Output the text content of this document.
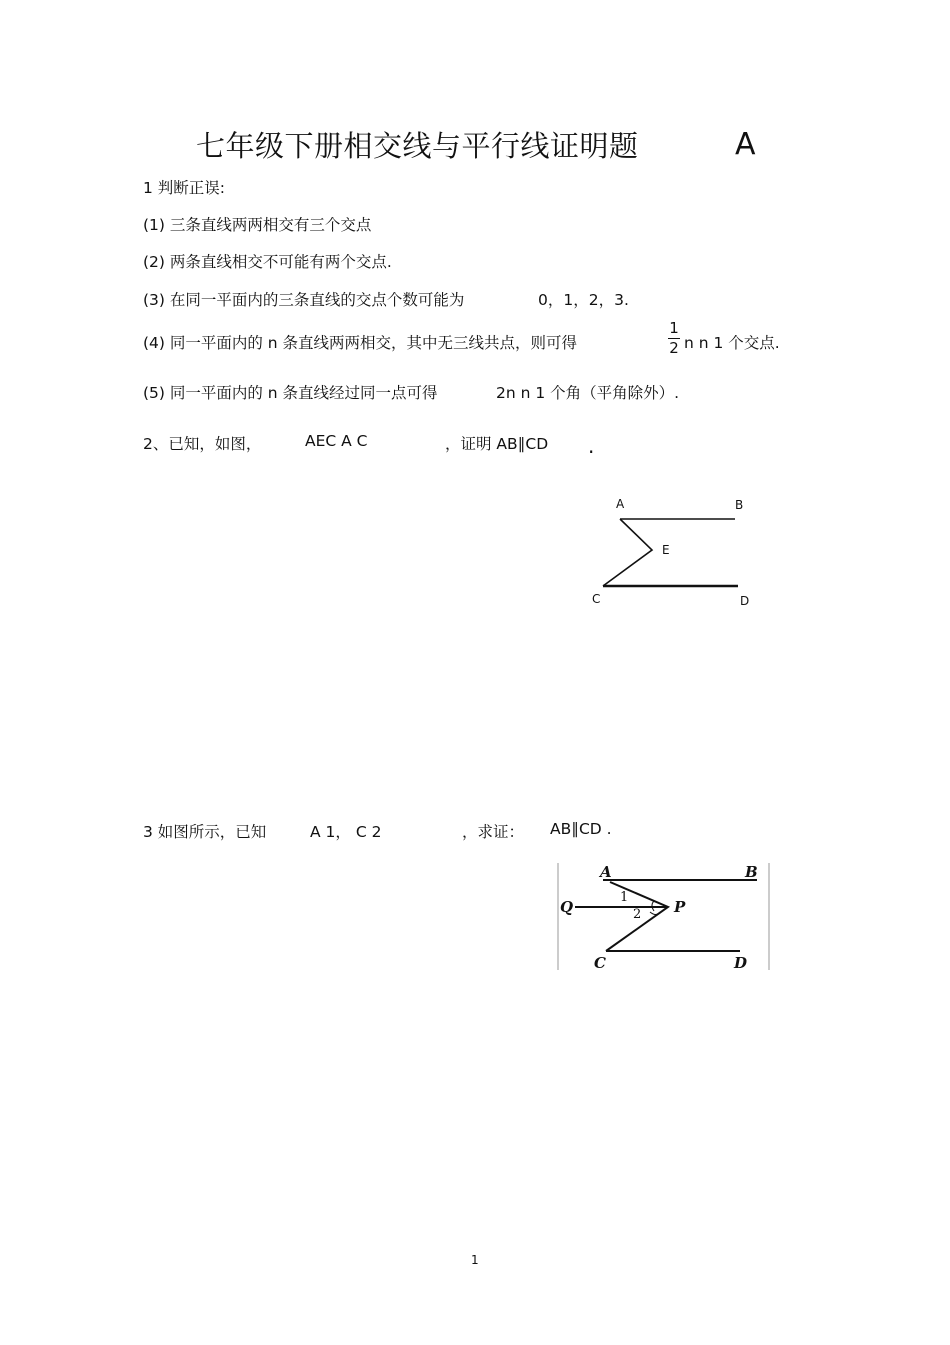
七年级下册相交线与平行线证明题	A
1 判断正误:
(1) 三条直线两两相交有三个交点
(2) 两条直线相交不可能有两个交点.
(3) 在同一平面内的三条直线的交点个数可能为	0，1，2，3.
(4) 同一平面内的 n 条直线两两相交，其中无三线共点，则可得
1
2 n n 1 个交点.
(5) 同一平面内的 n 条直线经过同一点可得	2n n 1 个角（平角除外）.
2、已知，如图，	AEC A C	，证明 AB∥CD .
A	B
E
C	D
3 如图所示，已知	A 1， C 2	，求证： AB∥CD .
A	B
Q	P
C	D
1
2
1
